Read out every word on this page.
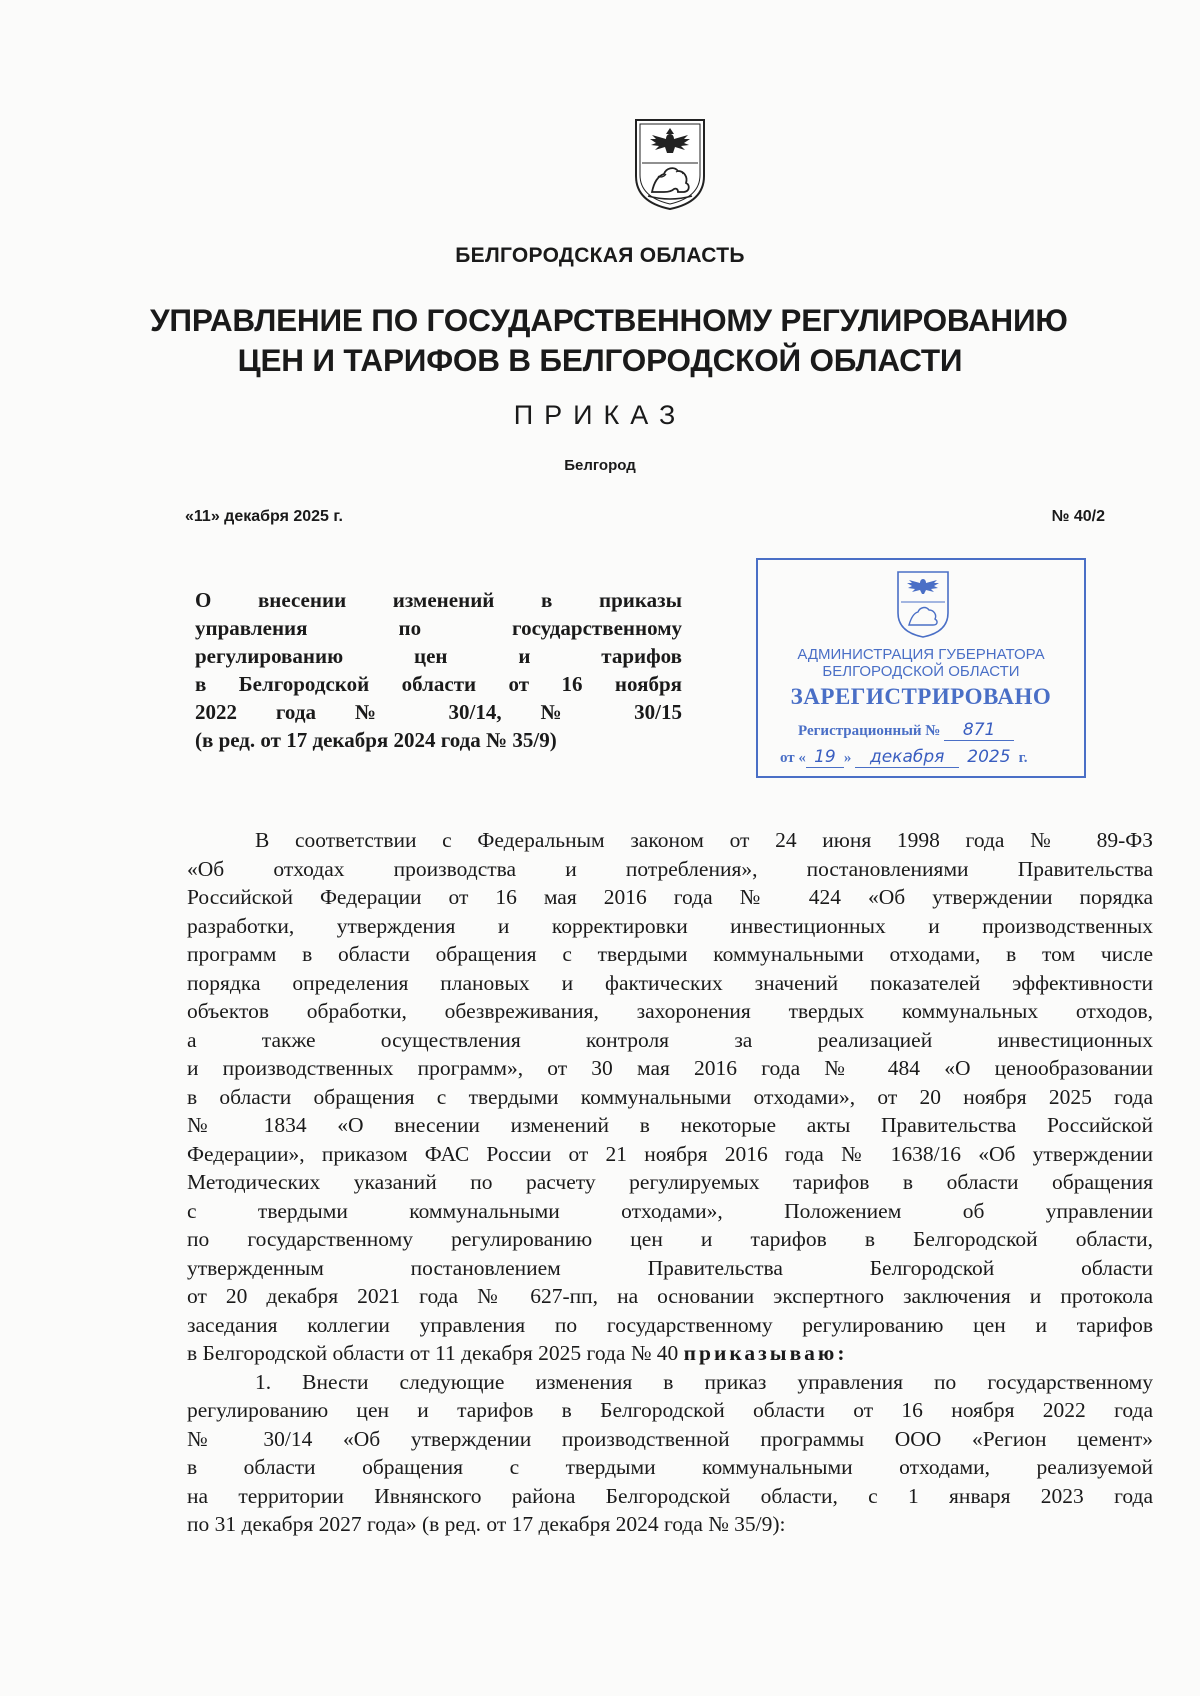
БЕЛГОРОДСКАЯ ОБЛАСТЬ
УПРАВЛЕНИЕ ПО ГОСУДАРСТВЕННОМУ РЕГУЛИРОВАНИЮ
ЦЕН И ТАРИФОВ В БЕЛГОРОДСКОЙ ОБЛАСТИ
ПРИКАЗ
Белгород
«11» декабря 2025 г.	№ 40/2
О внесении изменений в приказы
управления по государственному
регулированию цен и тарифов
в Белгородской области от 16 ноября
2022 года № 30/14, № 30/15
(в ред. от 17 декабря 2024 года № 35/9)
АДМИНИСТРАЦИЯ ГУБЕРНАТОРА
БЕЛГОРОДСКОЙ ОБЛАСТИ
ЗАРЕГИСТРИРОВАНО
Регистрационный № 871
от « 19 » декабря 2025 г.
В соответствии с Федеральным законом от 24 июня 1998 года № 89-ФЗ
«Об отходах производства и потребления», постановлениями Правительства
Российской Федерации от 16 мая 2016 года № 424 «Об утверждении порядка
разработки, утверждения и корректировки инвестиционных и производственных
программ в области обращения с твердыми коммунальными отходами, в том числе
порядка определения плановых и фактических значений показателей эффективности
объектов обработки, обезвреживания, захоронения твердых коммунальных отходов,
а также осуществления контроля за реализацией инвестиционных
и производственных программ», от 30 мая 2016 года № 484 «О ценообразовании
в области обращения с твердыми коммунальными отходами», от 20 ноября 2025 года
№ 1834 «О внесении изменений в некоторые акты Правительства Российской
Федерации», приказом ФАС России от 21 ноября 2016 года № 1638/16 «Об утверждении
Методических указаний по расчету регулируемых тарифов в области обращения
с твердыми коммунальными отходами», Положением об управлении
по государственному регулированию цен и тарифов в Белгородской области,
утвержденным постановлением Правительства Белгородской области
от 20 декабря 2021 года № 627-пп, на основании экспертного заключения и протокола
заседания коллегии управления по государственному регулированию цен и тарифов
в Белгородской области от 11 декабря 2025 года № 40 приказываю:
1. Внести следующие изменения в приказ управления по государственному
регулированию цен и тарифов в Белгородской области от 16 ноября 2022 года
№ 30/14 «Об утверждении производственной программы ООО «Регион цемент»
в области обращения с твердыми коммунальными отходами, реализуемой
на территории Ивнянского района Белгородской области, с 1 января 2023 года
по 31 декабря 2027 года» (в ред. от 17 декабря 2024 года № 35/9):
